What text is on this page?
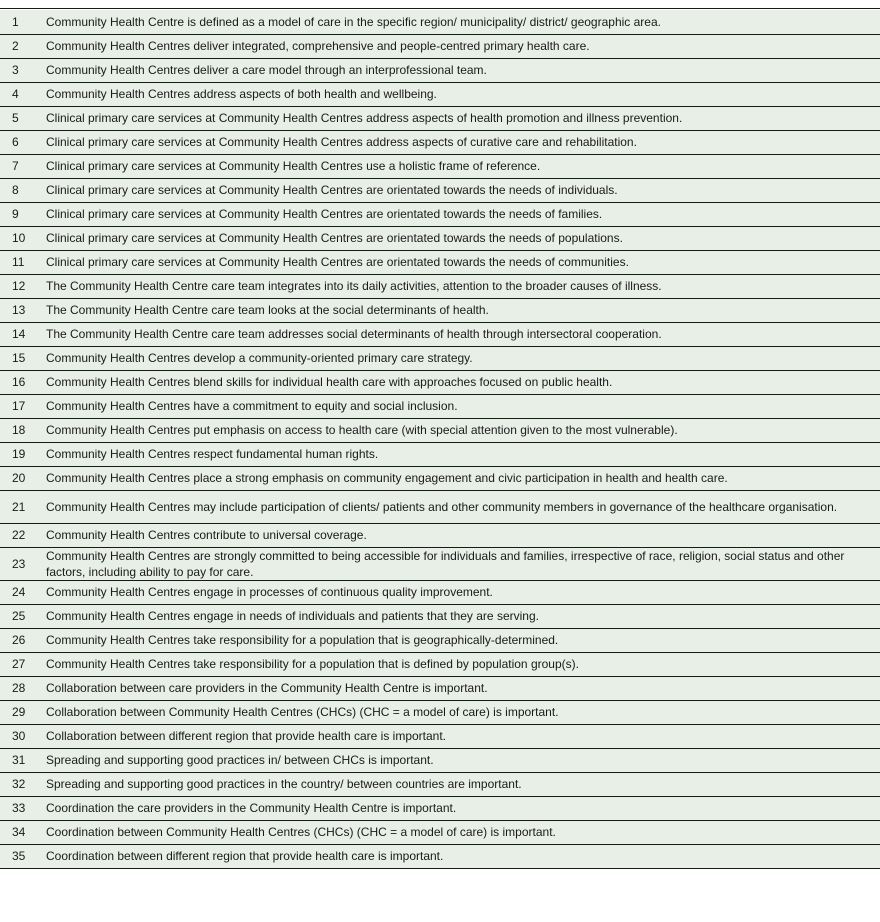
1	Community Health Centre is defined as a model of care in the specific region/ municipality/ district/ geographic area.
2	Community Health Centres deliver integrated, comprehensive and people-centred primary health care.
3	Community Health Centres deliver a care model through an interprofessional team.
4	Community Health Centres address aspects of both health and wellbeing.
5	Clinical primary care services at Community Health Centres address aspects of health promotion and illness prevention.
6	Clinical primary care services at Community Health Centres address aspects of curative care and rehabilitation.
7	Clinical primary care services at Community Health Centres use a holistic frame of reference.
8	Clinical primary care services at Community Health Centres are orientated towards the needs of individuals.
9	Clinical primary care services at Community Health Centres are orientated towards the needs of families.
10	Clinical primary care services at Community Health Centres are orientated towards the needs of populations.
11	Clinical primary care services at Community Health Centres are orientated towards the needs of communities.
12	The Community Health Centre care team integrates into its daily activities, attention to the broader causes of illness.
13	The Community Health Centre care team looks at the social determinants of health.
14	The Community Health Centre care team addresses social determinants of health through intersectoral cooperation.
15	Community Health Centres develop a community-oriented primary care strategy.
16	Community Health Centres blend skills for individual health care with approaches focused on public health.
17	Community Health Centres have a commitment to equity and social inclusion.
18	Community Health Centres put emphasis on access to health care (with special attention given to the most vulnerable).
19	Community Health Centres respect fundamental human rights.
20	Community Health Centres place a strong emphasis on community engagement and civic participation in health and health care.
21	Community Health Centres may include participation of clients/ patients and other community members in governance of the healthcare organisation.
22	Community Health Centres contribute to universal coverage.
23	Community Health Centres are strongly committed to being accessible for individuals and families, irrespective of race, religion, social status and other factors, including ability to pay for care.
24	Community Health Centres engage in processes of continuous quality improvement.
25	Community Health Centres engage in needs of individuals and patients that they are serving.
26	Community Health Centres take responsibility for a population that is geographically-determined.
27	Community Health Centres take responsibility for a population that is defined by population group(s).
28	Collaboration between care providers in the Community Health Centre is important.
29	Collaboration between Community Health Centres (CHCs) (CHC = a model of care) is important.
30	Collaboration between different region that provide health care is important.
31	Spreading and supporting good practices in/ between CHCs is important.
32	Spreading and supporting good practices in the country/ between countries are important.
33	Coordination the care providers in the Community Health Centre is important.
34	Coordination between Community Health Centres (CHCs) (CHC = a model of care) is important.
35	Coordination between different region that provide health care is important.
